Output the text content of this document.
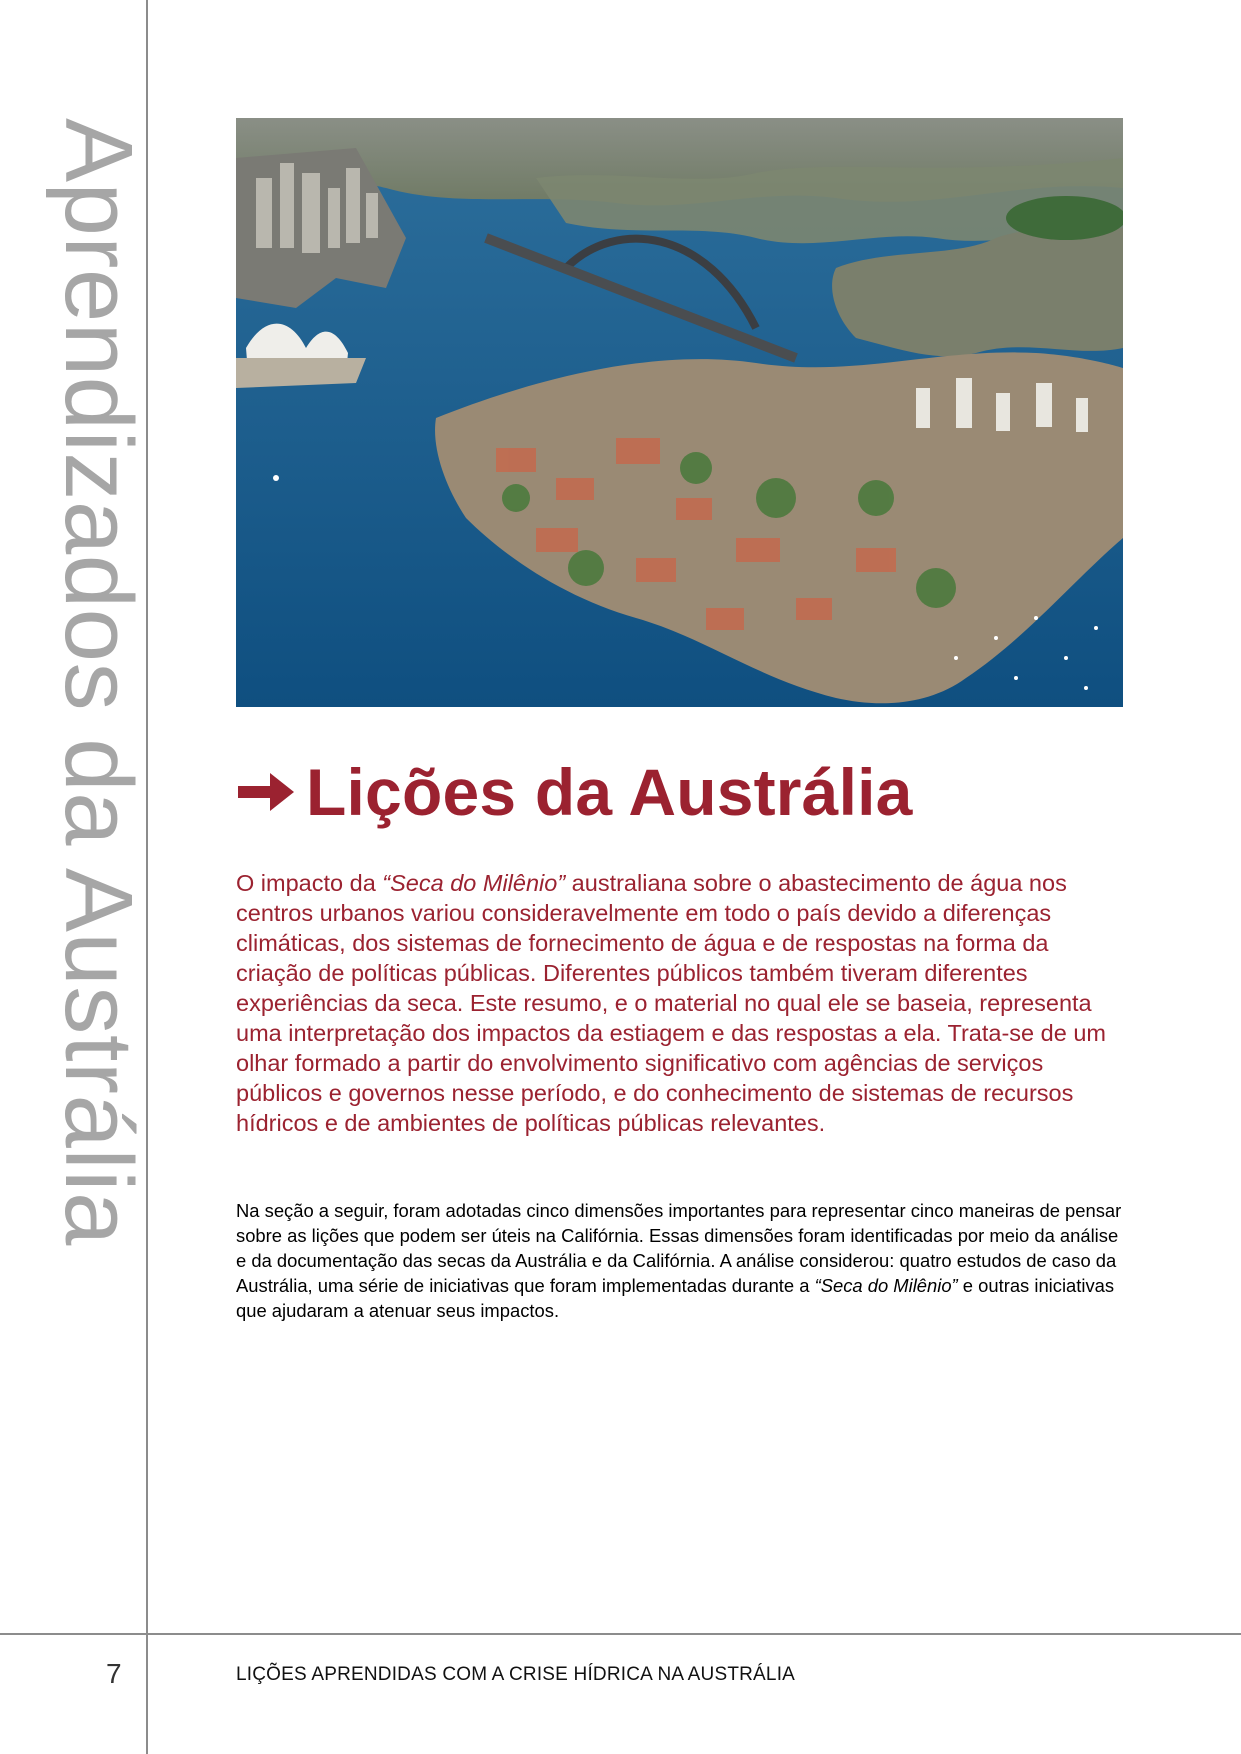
Aprendizados da Austrália Lições da Austrália

O impacto da “Seca do Milênio” australiana sobre o abastecimento de água nos centros urbanos variou consideravelmente em todo o país devido a diferenças climáticas, dos sistemas de fornecimento de água e de respostas na forma da criação de políticas públicas. Diferentes públicos também tiveram diferentes experiências da seca. Este resumo, e o material no qual ele se baseia, representa uma interpretação dos impactos da estiagem e das respostas a ela. Trata-se de um olhar formado a partir do envolvimento significativo com agências de serviços públicos e governos nesse período, e do conhecimento de sistemas de recursos hídricos e de ambientes de políticas públicas relevantes.

Na seção a seguir, foram adotadas cinco dimensões importantes para representar cinco maneiras de pensar sobre as lições que podem ser úteis na Califórnia. Essas dimensões foram identificadas por meio da análise e da documentação das secas da Austrália e da Califórnia. A análise considerou: quatro estudos de caso da Austrália, uma série de iniciativas que foram implementadas durante a “Seca do Milênio” e outras iniciativas que ajudaram a atenuar seus impactos.

7	LIÇÕES APRENDIDAS COM A CRISE HÍDRICA NA AUSTRÁLIA
